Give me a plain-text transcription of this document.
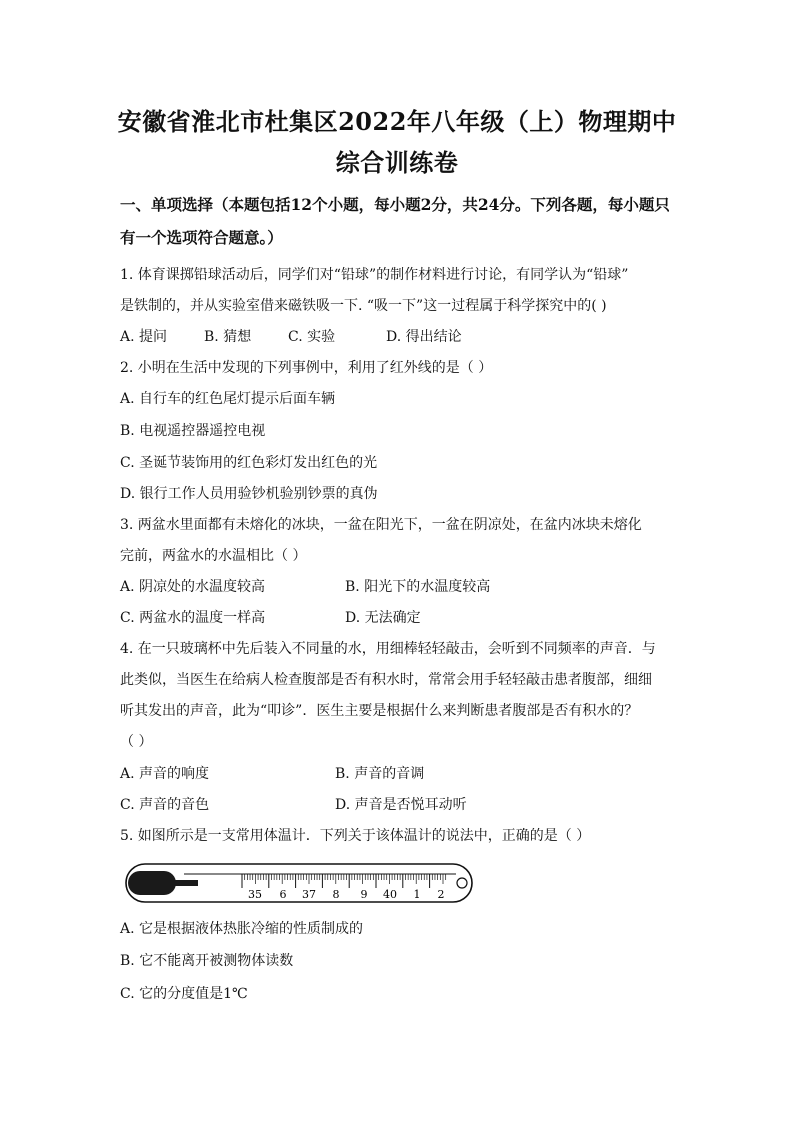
安徽省淮北市杜集区2022年八年级（上）物理期中
综合训练卷
一、单项选择（本题包括12个小题，每小题2分，共24分。下列各题，每小题只有一个选项符合题意。）
1. 体育课掷铅球活动后，同学们对“铅球”的制作材料进行讨论，有同学认为“铅球”
是铁制的，并从实验室借来磁铁吸一下. “吸一下”这一过程属于科学探究中的( )
A. 提问	B. 猜想	C. 实验	D. 得出结论
2. 小明在生活中发现的下列事例中，利用了红外线的是（ ）
A. 自行车的红色尾灯提示后面车辆
B. 电视遥控器遥控电视
C. 圣诞节装饰用的红色彩灯发出红色的光
D. 银行工作人员用验钞机验别钞票的真伪
3. 两盆水里面都有未熔化的冰块，一盆在阳光下，一盆在阴凉处，在盆内冰块未熔化
完前，两盆水的水温相比（ ）
A. 阴凉处的水温度较高	B. 阳光下的水温度较高
C. 两盆水的温度一样高	D. 无法确定
4. 在一只玻璃杯中先后装入不同量的水，用细棒轻轻敲击，会听到不同频率的声音．与
此类似，当医生在给病人检查腹部是否有积水时，常常会用手轻轻敲击患者腹部，细细
听其发出的声音，此为“叩诊”．医生主要是根据什么来判断患者腹部是否有积水的？
（ ）
A. 声音的响度	B. 声音的音调
C. 声音的音色	D. 声音是否悦耳动听
5. 如图所示是一支常用体温计．下列关于该体温计的说法中，正确的是（ ）
35 6 37 8 9 40 1 2
A. 它是根据液体热胀冷缩的性质制成的
B. 它不能离开被测物体读数
C. 它的分度值是1℃
